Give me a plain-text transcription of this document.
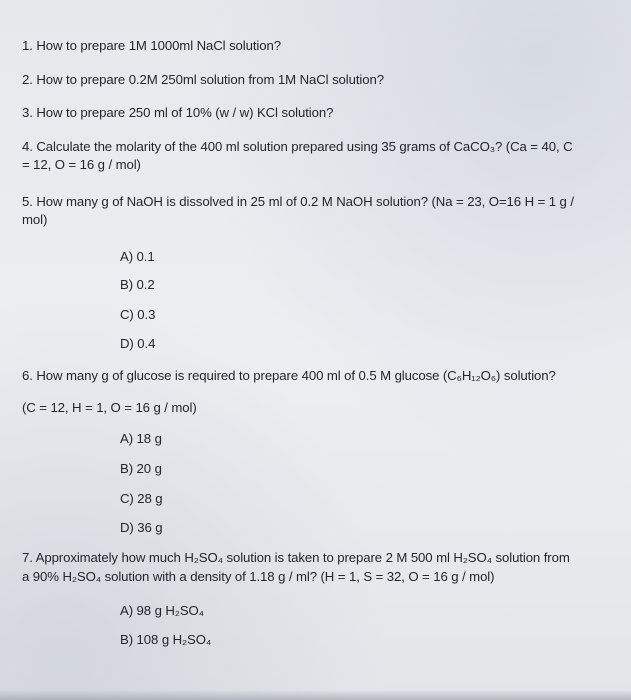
1. How to prepare 1M 1000ml NaCl solution?
2. How to prepare 0.2M 250ml solution from 1M NaCl solution?
3. How to prepare 250 ml of 10% (w / w) KCl solution?
4. Calculate the molarity of the 400 ml solution prepared using 35 grams of CaCO₃? (Ca = 40, C
= 12, O = 16 g / mol)
5. How many g of NaOH is dissolved in 25 ml of 0.2 M NaOH solution? (Na = 23, O=16 H = 1 g /
mol)
A) 0.1
B) 0.2
C) 0.3
D) 0.4
6. How many g of glucose is required to prepare 400 ml of 0.5 M glucose (C₆H₁₂O₆) solution?
(C = 12, H = 1, O = 16 g / mol)
A) 18 g
B) 20 g
C) 28 g
D) 36 g
7. Approximately how much H₂SO₄ solution is taken to prepare 2 M 500 ml H₂SO₄ solution from
a 90% H₂SO₄ solution with a density of 1.18 g / ml? (H = 1, S = 32, O = 16 g / mol)
A) 98 g H₂SO₄
B) 108 g H₂SO₄
